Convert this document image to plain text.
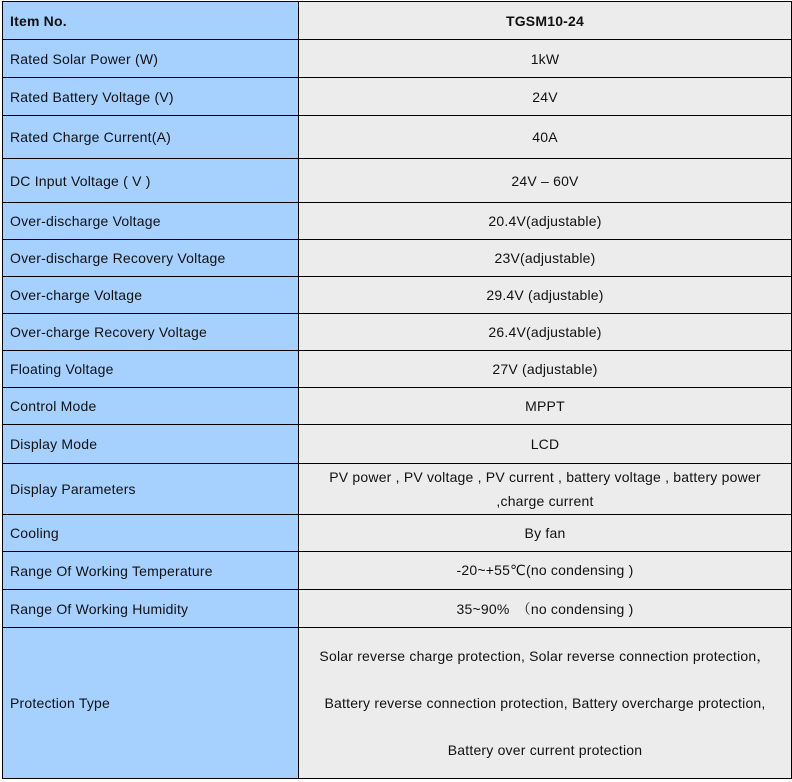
Item No.	TGSM10-24
Rated Solar Power (W)	1kW
Rated Battery Voltage (V)	24V
Rated Charge Current(A)	40A
DC Input Voltage ( V )	24V – 60V
Over-discharge Voltage	20.4V(adjustable)
Over-discharge Recovery Voltage	23V(adjustable)
Over-charge Voltage	29.4V (adjustable)
Over-charge Recovery Voltage	26.4V(adjustable)
Floating Voltage	27V (adjustable)
Control Mode	MPPT
Display Mode	LCD
Display Parameters	PV power , PV voltage , PV current , battery voltage , battery power ,charge current
Cooling	By fan
Range Of Working Temperature	-20~+55℃(no condensing )
Range Of Working Humidity	35~90%　（no condensing )
Protection Type	Solar reverse charge protection, Solar reverse connection protection，
Battery reverse connection protection, Battery overcharge protection,
Battery over current protection
